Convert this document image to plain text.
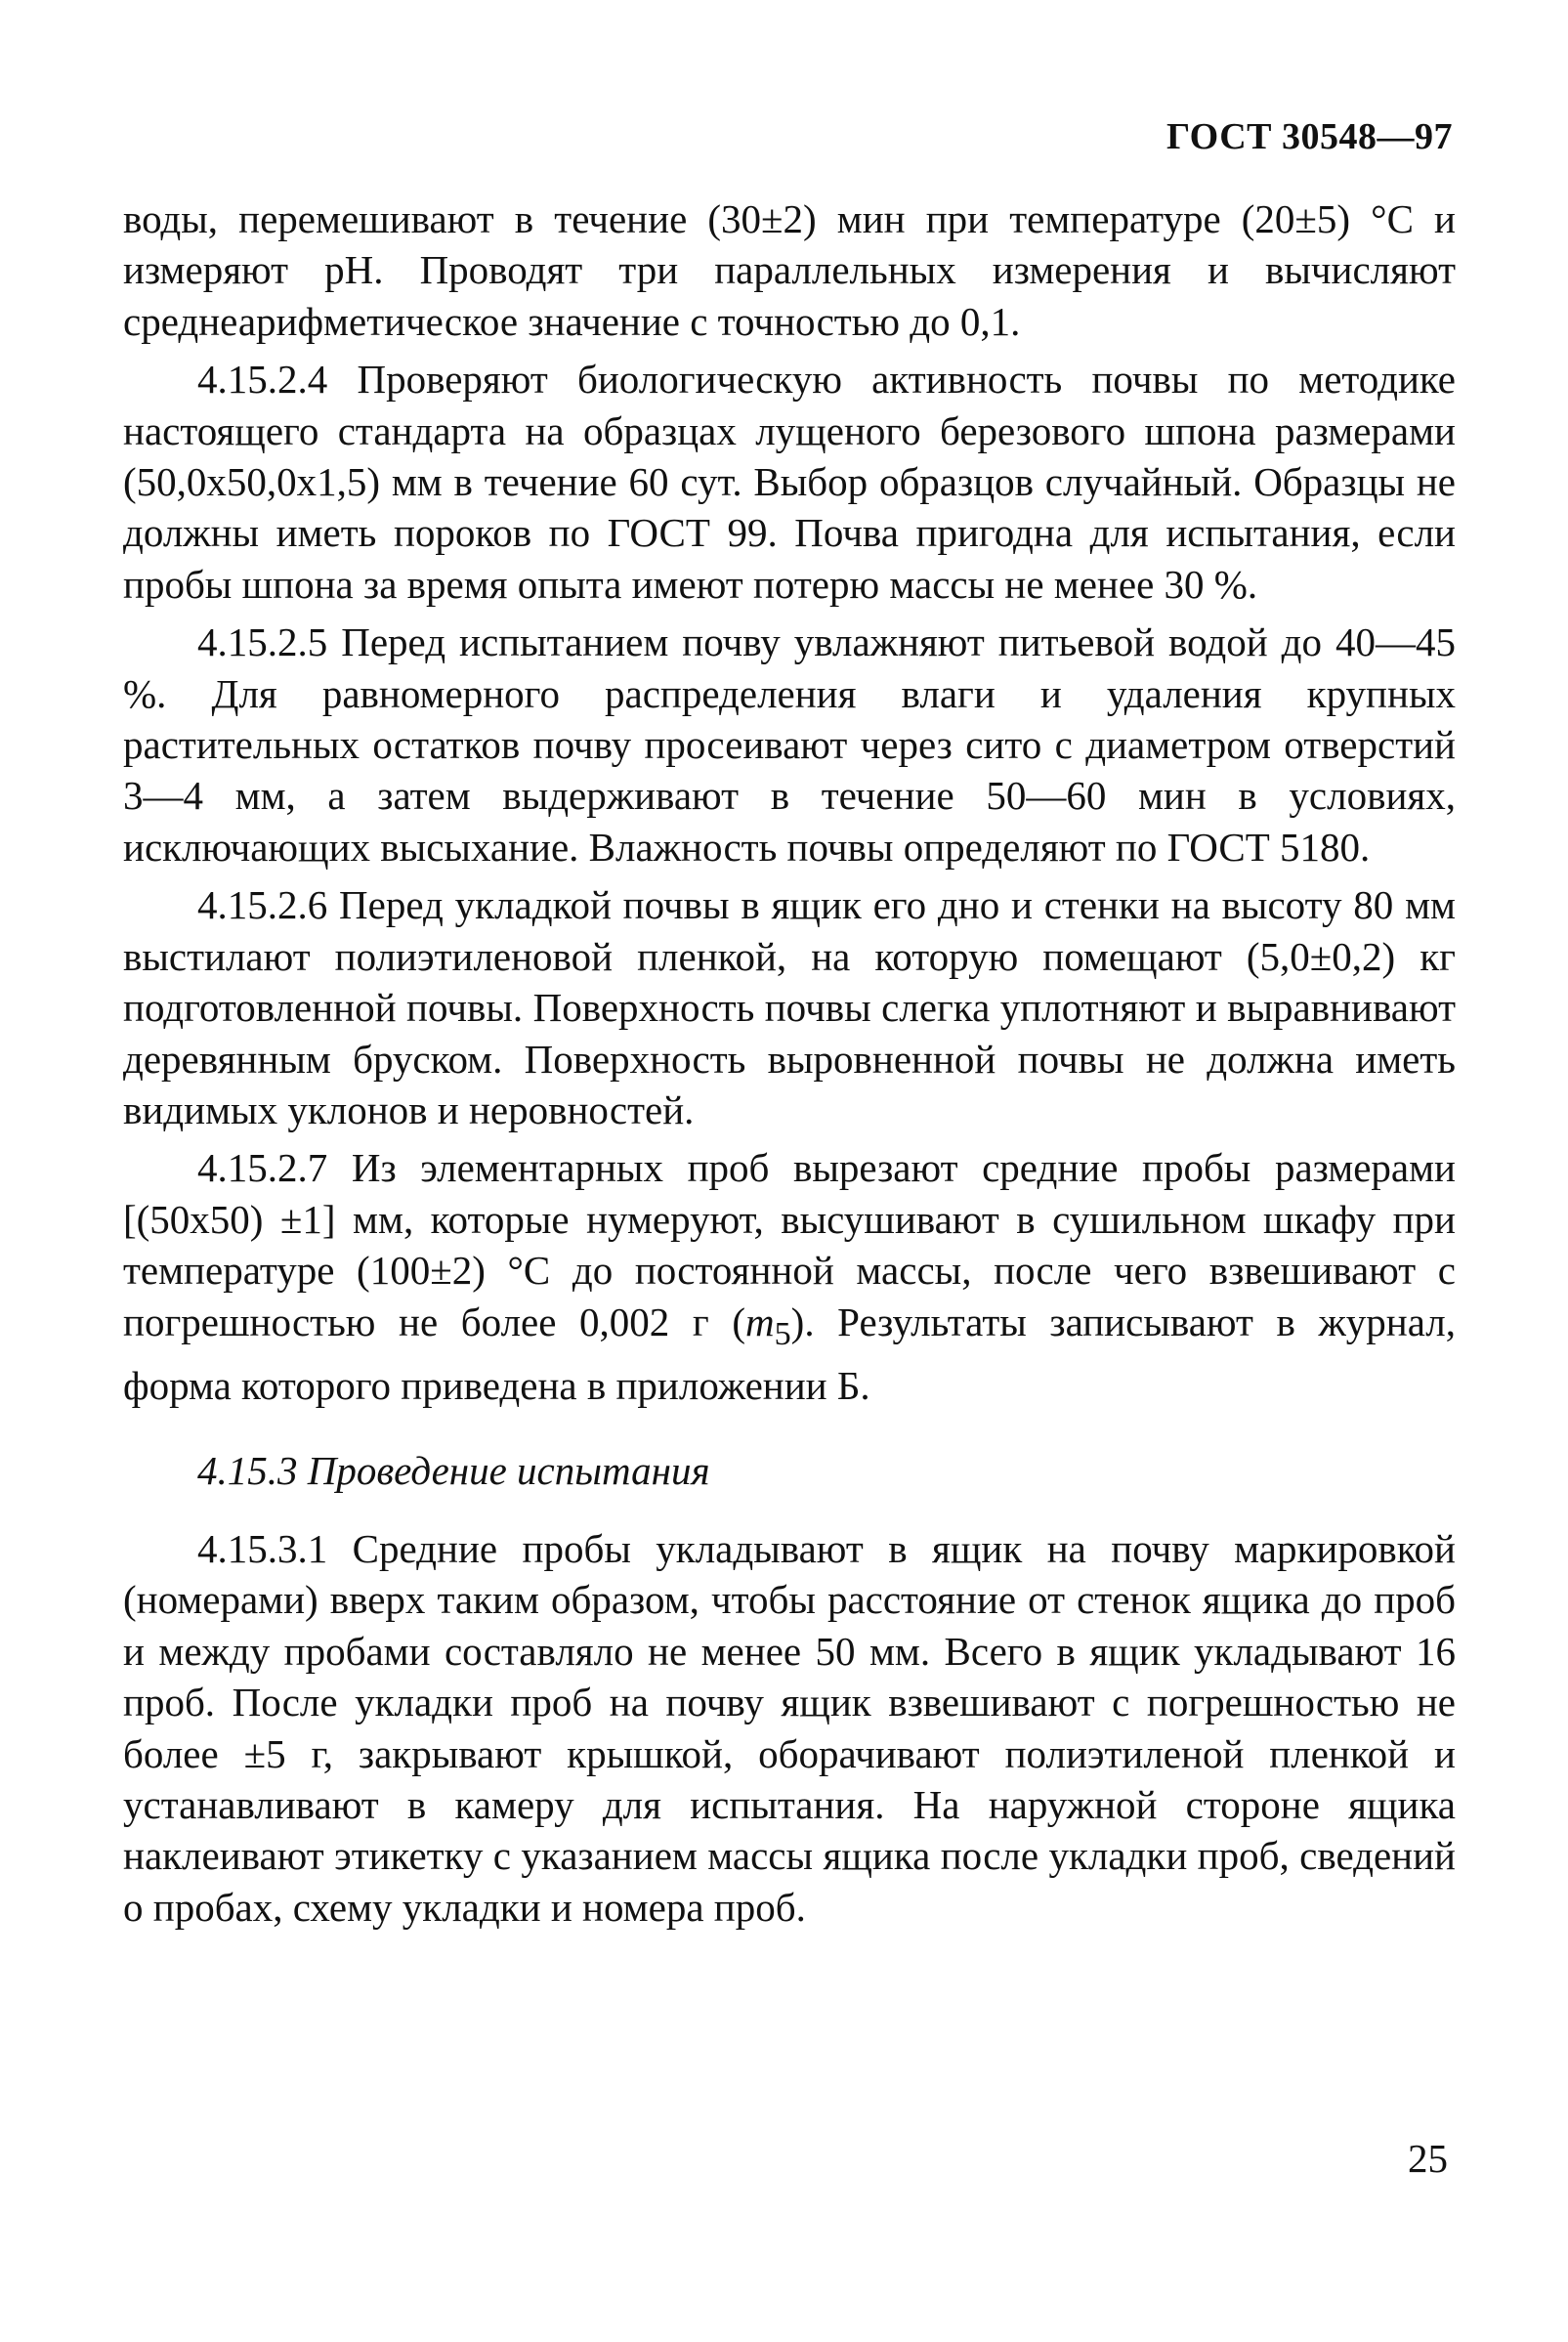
ГОСТ 30548—97

воды, перемешивают в течение (30±2) мин при температуре (20±5) °С и измеряют pH. Проводят три параллельных измерения и вычисляют среднеарифметическое значение с точностью до 0,1.

4.15.2.4 Проверяют биологическую активность почвы по методике настоящего стандарта на образцах лущеного березового шпона размерами (50,0x50,0x1,5) мм в течение 60 сут. Выбор образцов случайный. Образцы не должны иметь пороков по ГОСТ 99. Почва пригодна для испытания, если пробы шпона за время опыта имеют потерю массы не менее 30 %.

4.15.2.5 Перед испытанием почву увлажняют питьевой водой до 40—45 %. Для равномерного распределения влаги и удаления крупных растительных остатков почву просеивают через сито с диаметром отверстий 3—4 мм, а затем выдерживают в течение 50—60 мин в условиях, исключающих высыхание. Влажность почвы определяют по ГОСТ 5180.

4.15.2.6 Перед укладкой почвы в ящик его дно и стенки на высоту 80 мм выстилают полиэтиленовой пленкой, на которую помещают (5,0±0,2) кг подготовленной почвы. Поверхность почвы слегка уплотняют и выравнивают деревянным бруском. Поверхность выровненной почвы не должна иметь видимых уклонов и неровностей.

4.15.2.7 Из элементарных проб вырезают средние пробы размерами [(50x50) ±1] мм, которые нумеруют, высушивают в сушильном шкафу при температуре (100±2) °С до постоянной массы, после чего взвешивают с погрешностью не более 0,002 г $(m_5)$. Результаты записывают в журнал, форма которого приведена в приложении Б.

4.15.3 Проведение испытания

4.15.3.1 Средние пробы укладывают в ящик на почву маркировкой (номерами) вверх таким образом, чтобы расстояние от стенок ящика до проб и между пробами составляло не менее 50 мм. Всего в ящик укладывают 16 проб. После укладки проб на почву ящик взвешивают с погрешностью не более ±5 г, закрывают крышкой, оборачивают полиэтиленой пленкой и устанавливают в камеру для испытания. На наружной стороне ящика наклеивают этикетку с указанием массы ящика после укладки проб, сведений о пробах, схему укладки и номера проб.

25
